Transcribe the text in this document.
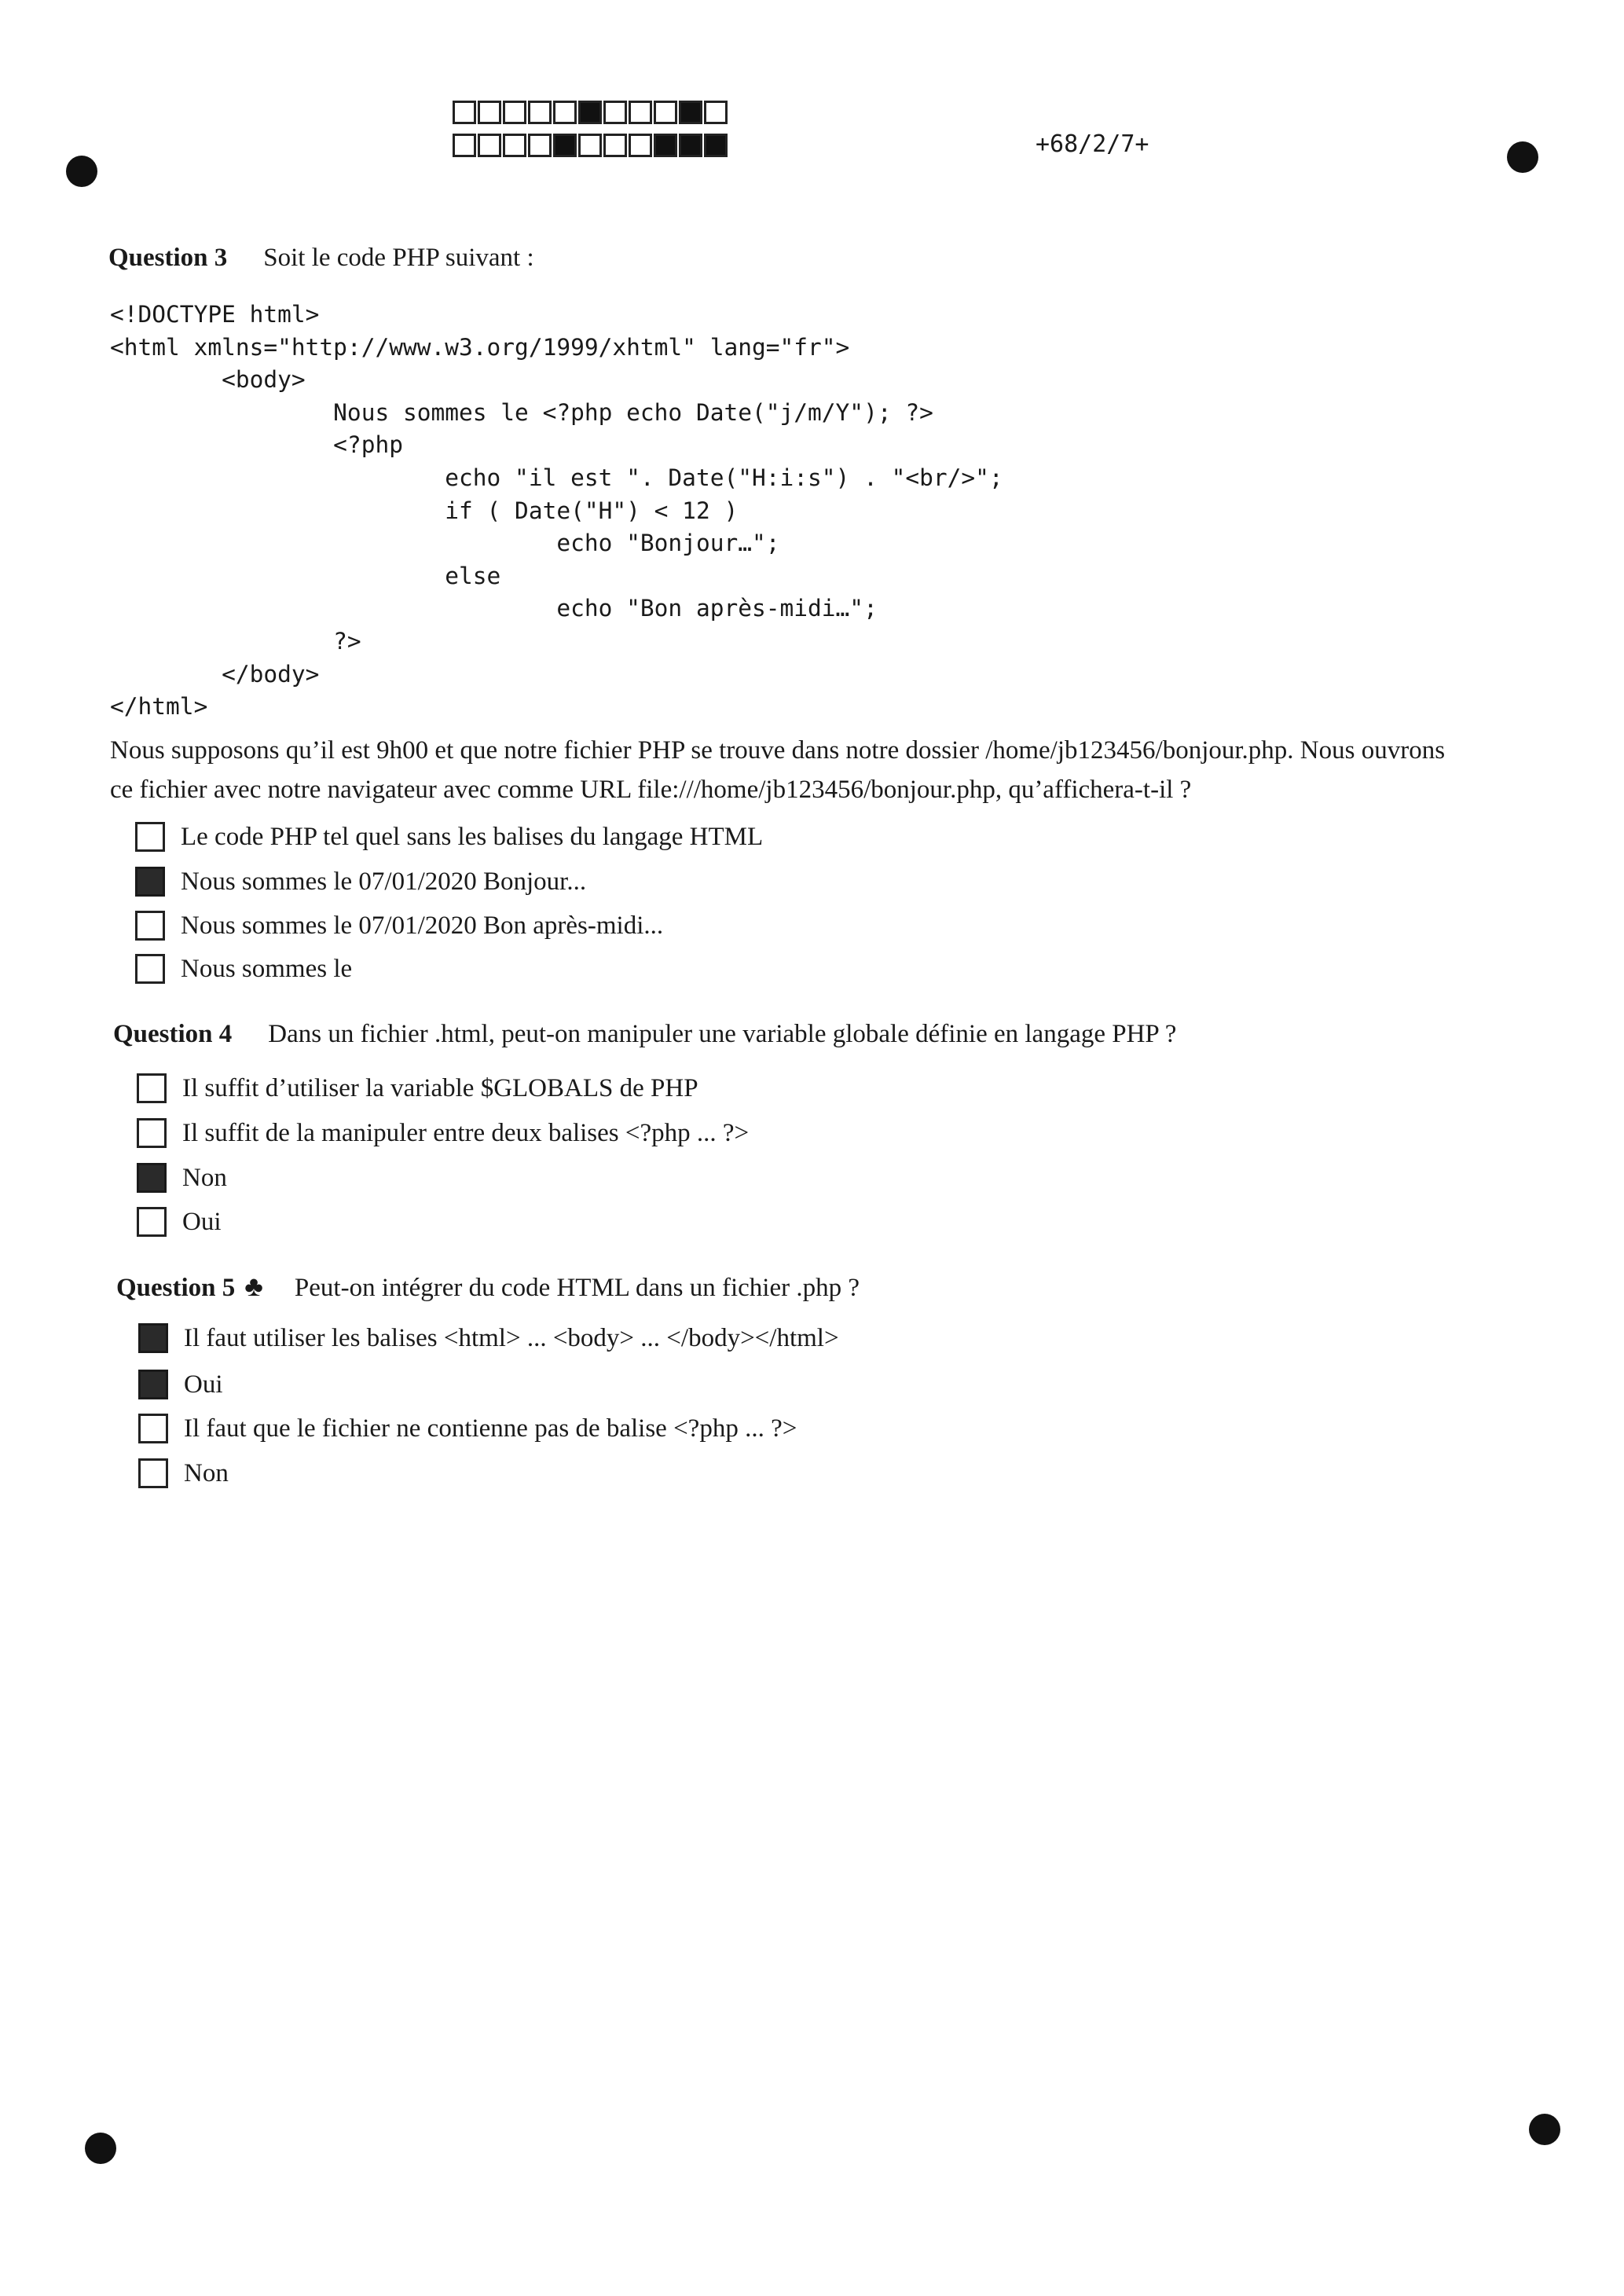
+68/2/7+
Question 3 Soit le code PHP suivant :
<!DOCTYPE html>
<html xmlns="http://www.w3.org/1999/xhtml" lang="fr">
<body>
Nous sommes le <?php echo Date("j/m/Y"); ?>
<?php
echo "il est ". Date("H:i:s") . "<br/>";
if ( Date("H") < 12 )
echo "Bonjour…";
else
echo "Bon après-midi…";
?>
</body>
</html>
Nous supposons qu’il est 9h00 et que notre fichier PHP se trouve dans notre dossier /home/jb123456/bonjour.php. Nous ouvrons
ce fichier avec notre navigateur avec comme URL file:///home/jb123456/bonjour.php, qu’affichera-t-il ?
Le code PHP tel quel sans les balises du langage HTML
Nous sommes le 07/01/2020 Bonjour...
Nous sommes le 07/01/2020 Bon après-midi...
Nous sommes le
Question 4 Dans un fichier .html, peut-on manipuler une variable globale définie en langage PHP ?
Il suffit d’utiliser la variable $GLOBALS de PHP
Il suffit de la manipuler entre deux balises <?php ... ?>
Non
Oui
Question 5 ♣ Peut-on intégrer du code HTML dans un fichier .php ?
Il faut utiliser les balises <html> ... <body> ... </body></html>
Oui
Il faut que le fichier ne contienne pas de balise <?php ... ?>
Non
